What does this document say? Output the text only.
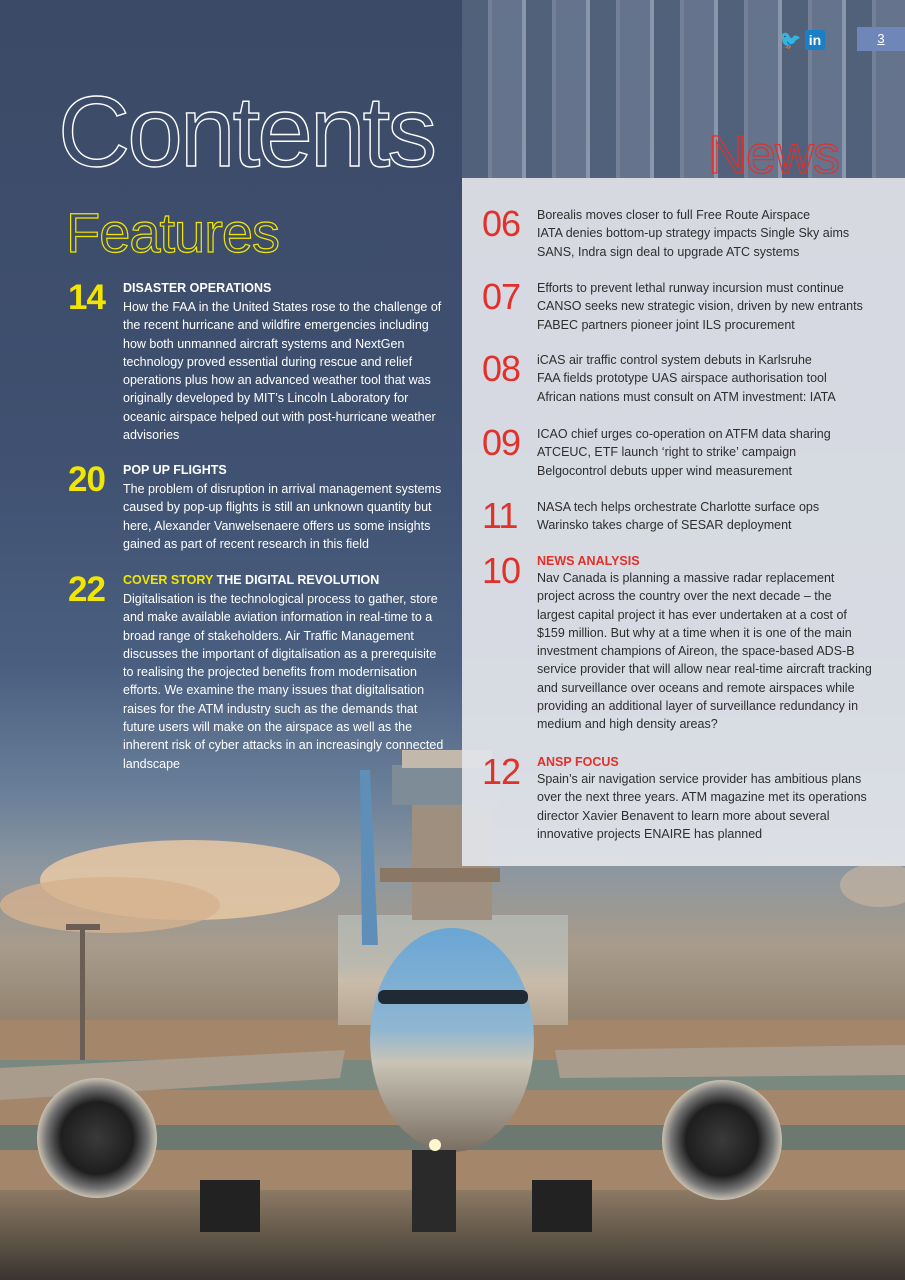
🐦 in	3
Contents
Features
News
14 DISASTER OPERATIONS
How the FAA in the United States rose to the challenge of the recent hurricane and wildfire emergencies including how both unmanned aircraft systems and NextGen technology proved essential during rescue and relief operations plus how an advanced weather tool that was originally developed by MIT’s Lincoln Laboratory for oceanic airspace helped out with post-hurricane weather advisories
20 POP UP FLIGHTS
The problem of disruption in arrival management systems caused by pop-up flights is still an unknown quantity but here, Alexander Vanwelsenaere offers us some insights gained as part of recent research in this field
22 COVER STORY THE DIGITAL REVOLUTION
Digitalisation is the technological process to gather, store and make available aviation information in real-time to a broad range of stakeholders. Air Traffic Management discusses the important of digitalisation as a prerequisite to realising the projected benefits from modernisation efforts. We examine the many issues that digitalisation raises for the ATM industry such as the demands that future users will make on the airspace as well as the inherent risk of cyber attacks in an increasingly connected landscape
06 Borealis moves closer to full Free Route Airspace
IATA denies bottom-up strategy impacts Single Sky aims
SANS, Indra sign deal to upgrade ATC systems
07 Efforts to prevent lethal runway incursion must continue
CANSO seeks new strategic vision, driven by new entrants
FABEC partners pioneer joint ILS procurement
08 iCAS air traffic control system debuts in Karlsruhe
FAA fields prototype UAS airspace authorisation tool
African nations must consult on ATM investment: IATA
09 ICAO chief urges co-operation on ATFM data sharing
ATCEUC, ETF launch ‘right to strike’ campaign
Belgocontrol debuts upper wind measurement
11 NASA tech helps orchestrate Charlotte surface ops
Warinsko takes charge of SESAR deployment
10 NEWS ANALYSIS
Nav Canada is planning a massive radar replacement project across the country over the next decade – the largest capital project it has ever undertaken at a cost of $159 million. But why at a time when it is one of the main investment champions of Aireon, the space-based ADS-B service provider that will allow near real-time aircraft tracking and surveillance over oceans and remote airspaces while providing an additional layer of surveillance redundancy in medium and high density areas?
12 ANSP FOCUS
Spain’s air navigation service provider has ambitious plans over the next three years. ATM magazine met its operations director Xavier Benavent to learn more about several innovative projects ENAIRE has planned
